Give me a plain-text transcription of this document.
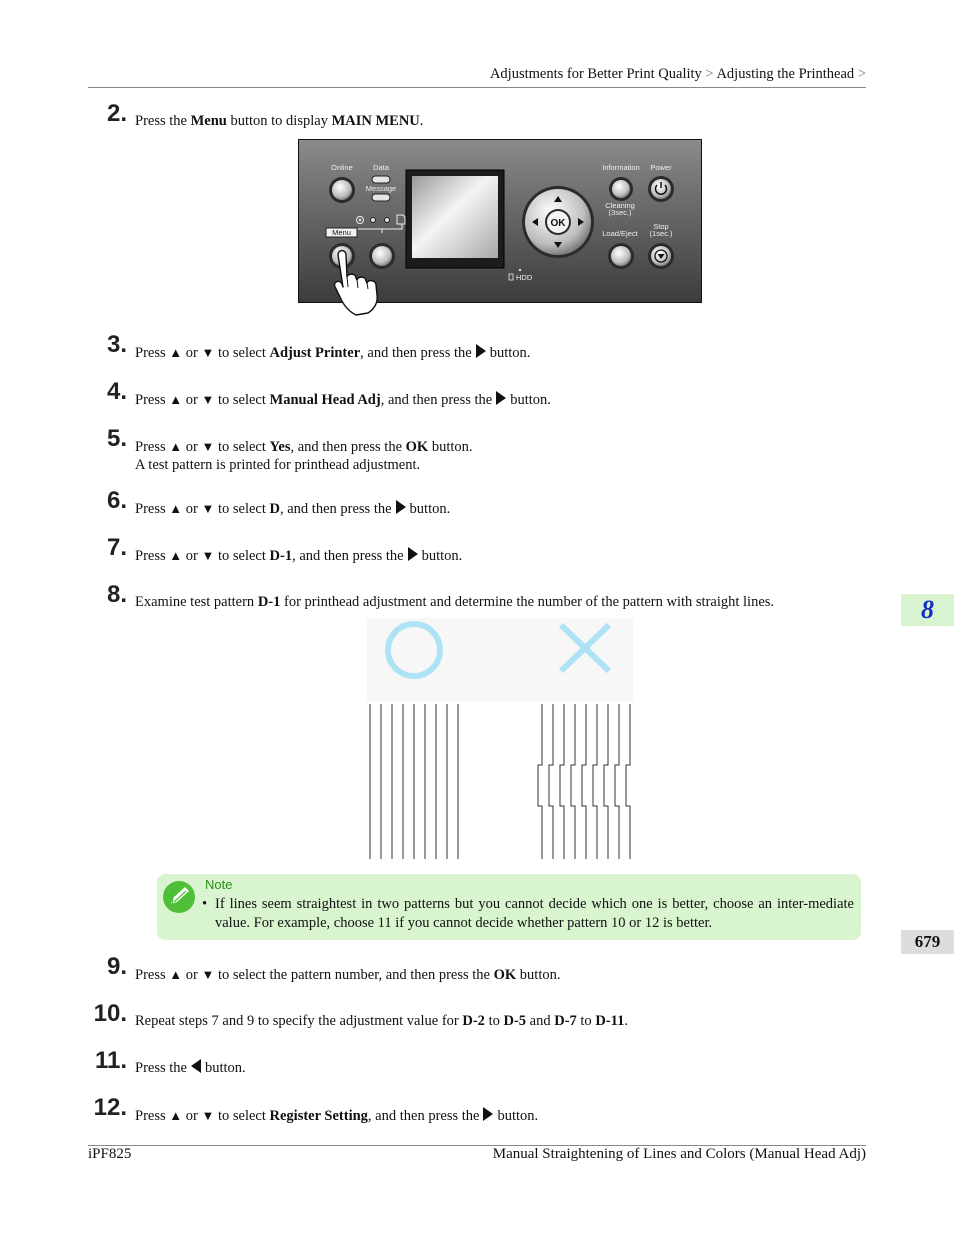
Adjustments for Better Print Quality > Adjusting the Printhead >
2. Press the Menu button to display MAIN MENU.
Online	Data
Message
Menu
HDD
OK
Information Power
Cleaning
(3sec.)
Stop
(1sec.)
Load/Eject
3. Press ▲ or ▼ to select Adjust Printer, and then press the button.
4. Press ▲ or ▼ to select Manual Head Adj, and then press the button.
5. Press ▲ or ▼ to select Yes, and then press the OK button.
A test pattern is printed for printhead adjustment.
6. Press ▲ or ▼ to select D, and then press the button.
7. Press ▲ or ▼ to select D-1, and then press the button.
8. Examine test pattern D-1 for printhead adjustment and determine the number of the pattern with straight lines.	8
Note
• If lines seem straightest in two patterns but you cannot decide which one is better, choose an inter-mediate value. For example, choose 11 if you cannot decide whether pattern 10 or 12 is better.
679
9. Press ▲ or ▼ to select the pattern number, and then press the OK button.
10. Repeat steps 7 and 9 to specify the adjustment value for D-2 to D-5 and D-7 to D-11.
11. Press the button.
12. Press ▲ or ▼ to select Register Setting, and then press the button.
iPF825	Manual Straightening of Lines and Colors (Manual Head Adj)
